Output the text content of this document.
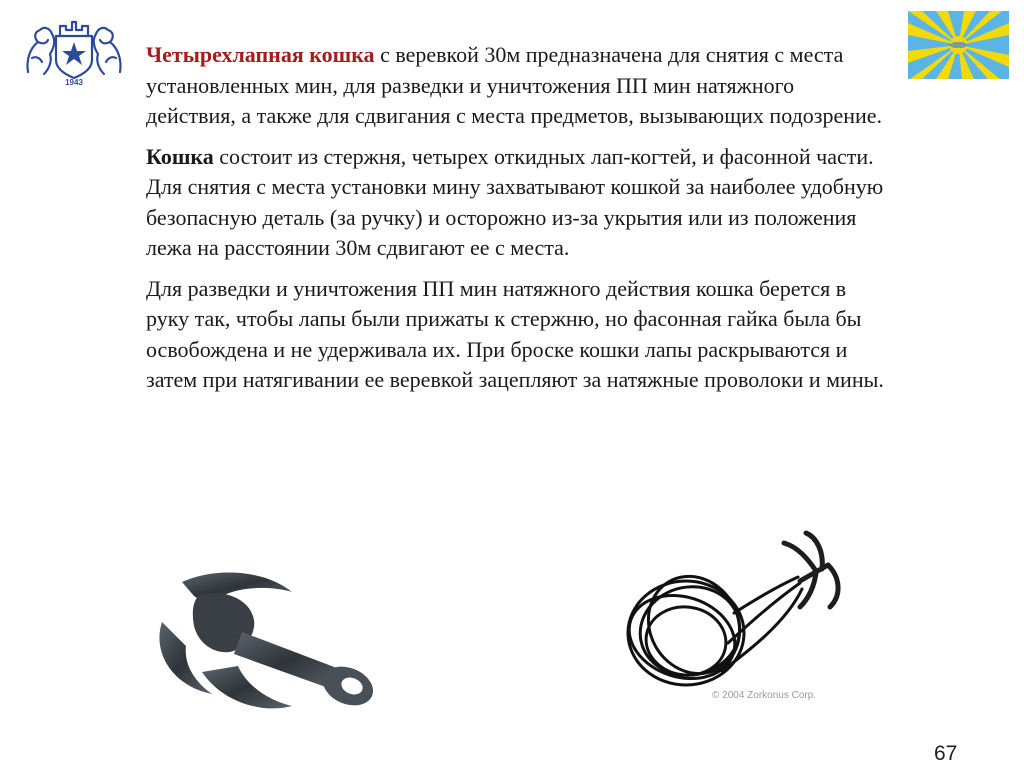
1943

Четырехлапная кошка с веревкой 30м предназначена для снятия с места установленных мин, для разведки и уничтожения ПП мин натяжного действия, а также для сдвигания с места предметов, вызывающих подозрение.

Кошка состоит из стержня, четырех откидных лап-когтей, и фасонной части. Для снятия с места установки мину захватывают кошкой за наиболее удобную безопасную деталь (за ручку) и осторожно из-за укрытия или из положения лежа на расстоянии 30м сдвигают ее с места.

Для разведки и уничтожения ПП мин натяжного действия кошка берется в руку так, чтобы лапы были прижаты к стержню, но фасонная гайка была бы освобождена и не удерживала их. При броске кошки лапы раскрываются и затем при натягивании ее веревкой зацепляют за натяжные проволоки и мины.

© 2004 Zorkonus Corp.
67
